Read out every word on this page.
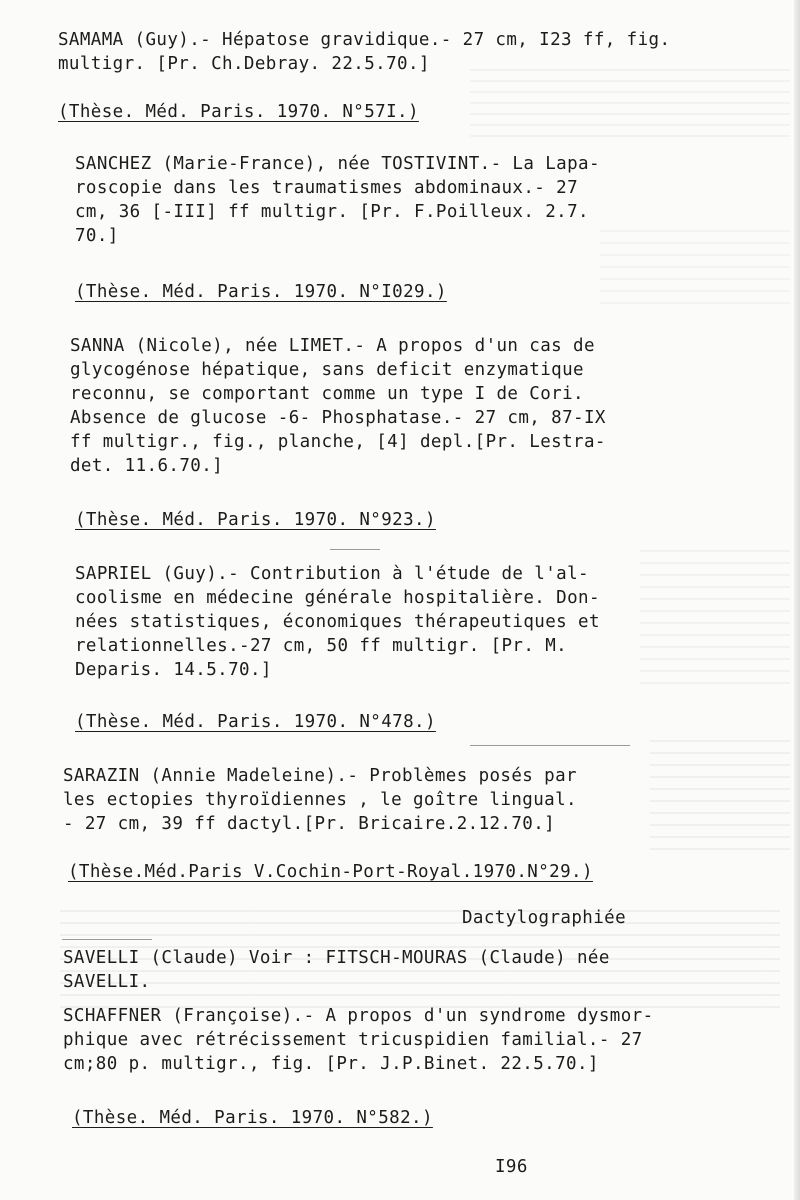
SAMAMA (Guy).- Hépatose gravidique.- 27 cm, I23 ff, fig.
multigr. [Pr. Ch.Debray. 22.5.70.]
(Thèse. Méd. Paris. 1970. N°57I.)
SANCHEZ (Marie-France), née TOSTIVINT.- La Lapa-
roscopie dans les traumatismes abdominaux.- 27
cm, 36 [-III] ff multigr. [Pr. F.Poilleux. 2.7.
70.]
(Thèse. Méd. Paris. 1970. N°I029.)
SANNA (Nicole), née LIMET.- A propos d'un cas de
glycogénose hépatique, sans deficit enzymatique
reconnu, se comportant comme un type I de Cori.
Absence de glucose -6- Phosphatase.- 27 cm, 87-IX
ff multigr., fig., planche, [4] depl.[Pr. Lestra-
det. 11.6.70.]
(Thèse. Méd. Paris. 1970. N°923.)
SAPRIEL (Guy).- Contribution à l'étude de l'al-
coolisme en médecine générale hospitalière. Don-
nées statistiques, économiques thérapeutiques et
relationnelles.-27 cm, 50 ff multigr. [Pr. M.
Deparis. 14.5.70.]
(Thèse. Méd. Paris. 1970. N°478.)
SARAZIN (Annie Madeleine).- Problèmes posés par
les ectopies thyroïdiennes , le goître lingual.
- 27 cm, 39 ff dactyl.[Pr. Bricaire.2.12.70.]
(Thèse.Méd.Paris V.Cochin-Port-Royal.1970.N°29.)
Dactylographiée
SAVELLI (Claude) Voir : FITSCH-MOURAS (Claude) née
SAVELLI.
SCHAFFNER (Françoise).- A propos d'un syndrome dysmor-
phique avec rétrécissement tricuspidien familial.- 27
cm;80 p. multigr., fig. [Pr. J.P.Binet. 22.5.70.]
(Thèse. Méd. Paris. 1970. N°582.)
I96
